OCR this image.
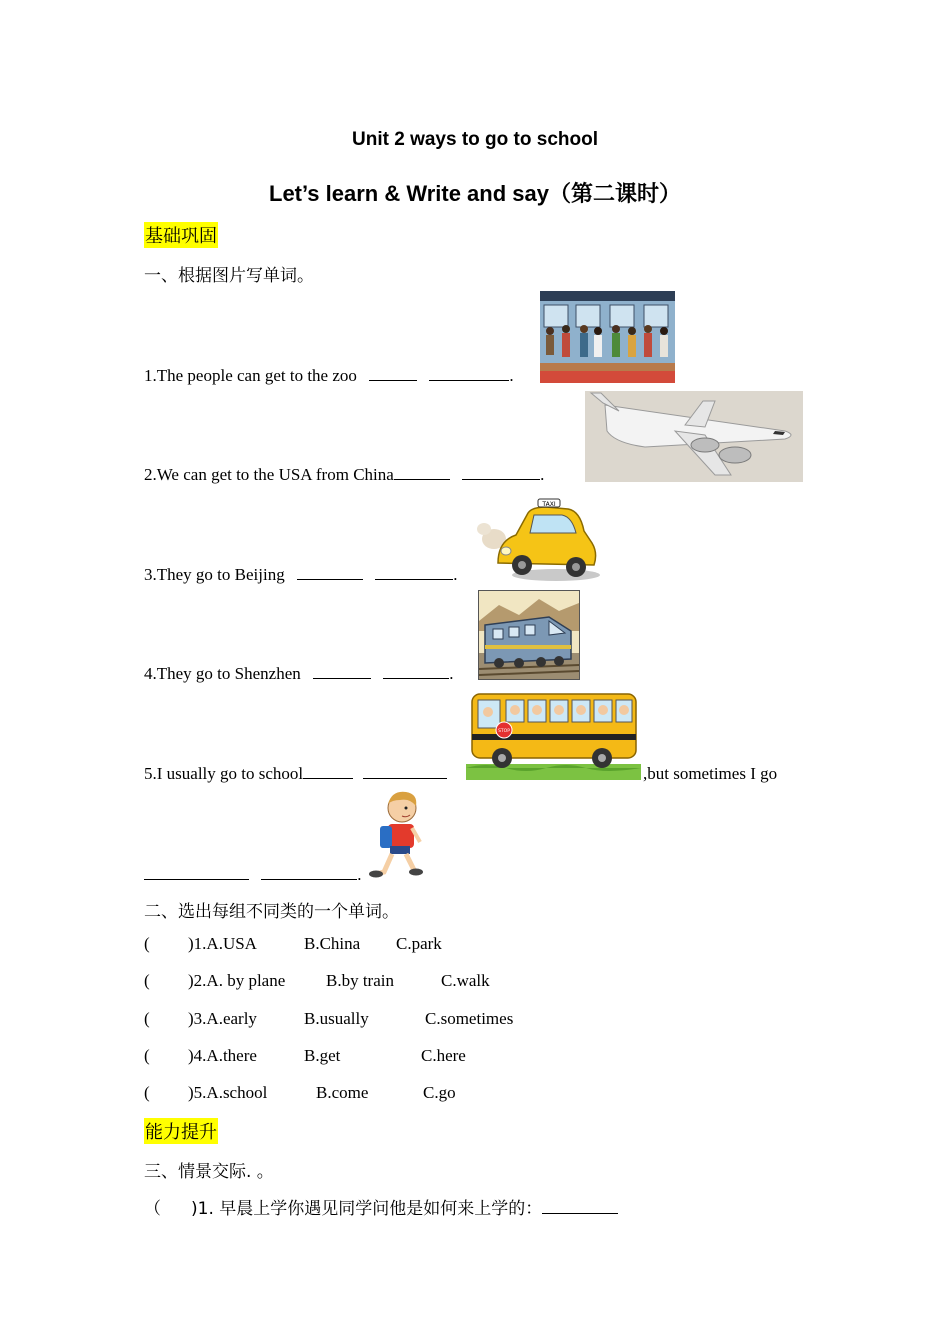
Unit 2 ways to go to school
Let’s learn & Write and say（第二课时）
基础巩固
一、根据图片写单词。
1.The people can get to the zoo	.
2.We can get to the USA from China	.
3.They go to Beijing	.
TAXI
4.They go to Shenzhen	.
5.I usually go to school
STOP
,but sometimes I go
.
二、选出每组不同类的一个单词。
( )1.A.USA	B.China C.park
( )2.A. by plane B.by train	C.walk
( )3.A.early	B.usually	C.sometimes
( )4.A.there	B.get	C.here
( )5.A.school	B.come	C.go
能力提升
三、情景交际. 。
（ )1. 早晨上学你遇见同学问他是如何来上学的：
